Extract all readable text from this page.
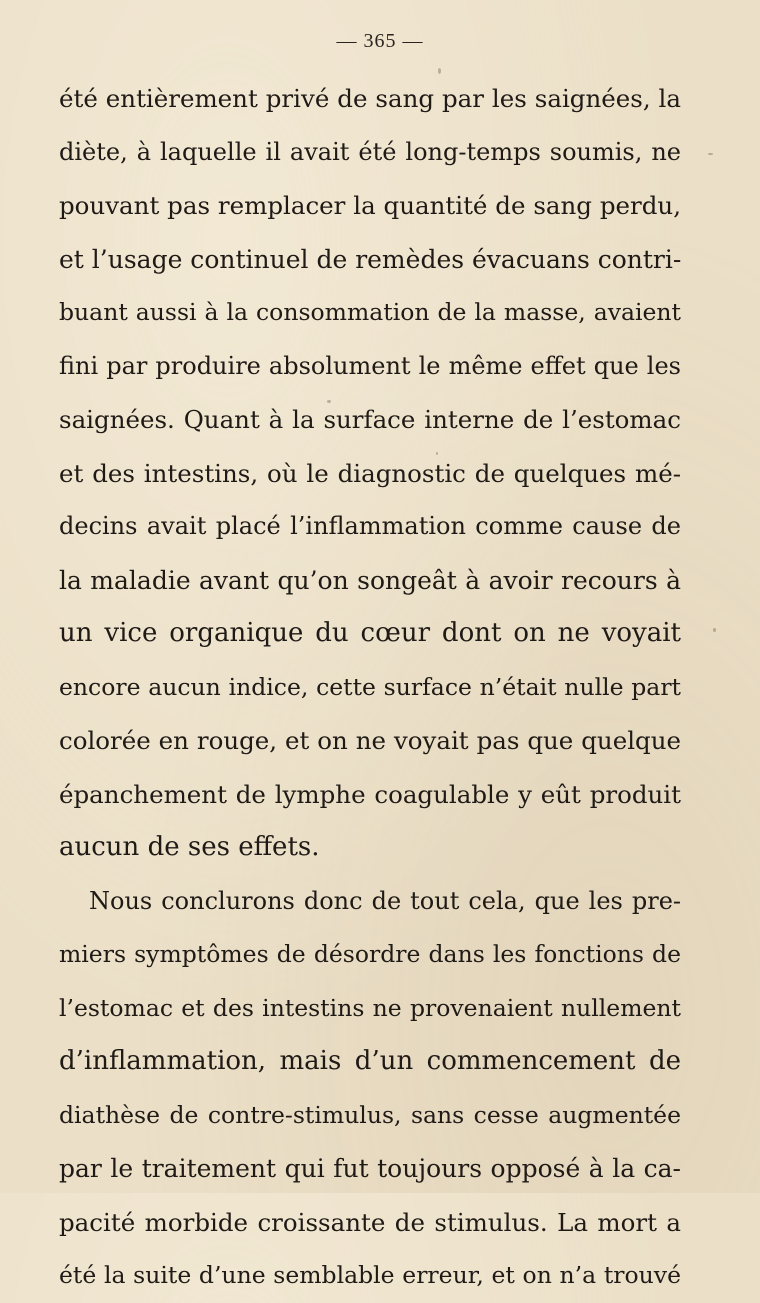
— 365 —
été entièrement privé de sang par les saignées, la
diète, à laquelle il avait été long-temps soumis, ne
pouvant pas remplacer la quantité de sang perdu,
et l’usage continuel de remèdes évacuans contri-
buant aussi à la consommation de la masse, avaient
fini par produire absolument le même effet que les
saignées. Quant à la surface interne de l’estomac
et des intestins, où le diagnostic de quelques mé-
decins avait placé l’inflammation comme cause de
la maladie avant qu’on songeât à avoir recours à
un vice organique du cœur dont on ne voyait
encore aucun indice, cette surface n’était nulle part
colorée en rouge, et on ne voyait pas que quelque
épanchement de lymphe coagulable y eût produit
aucun de ses effets.
Nous conclurons donc de tout cela, que les pre-
miers symptômes de désordre dans les fonctions de
l’estomac et des intestins ne provenaient nullement
d’inflammation, mais d’un commencement de
diathèse de contre-stimulus, sans cesse augmentée
par le traitement qui fut toujours opposé à la ca-
pacité morbide croissante de stimulus. La mort a
été la suite d’une semblable erreur, et on n’a trouvé
